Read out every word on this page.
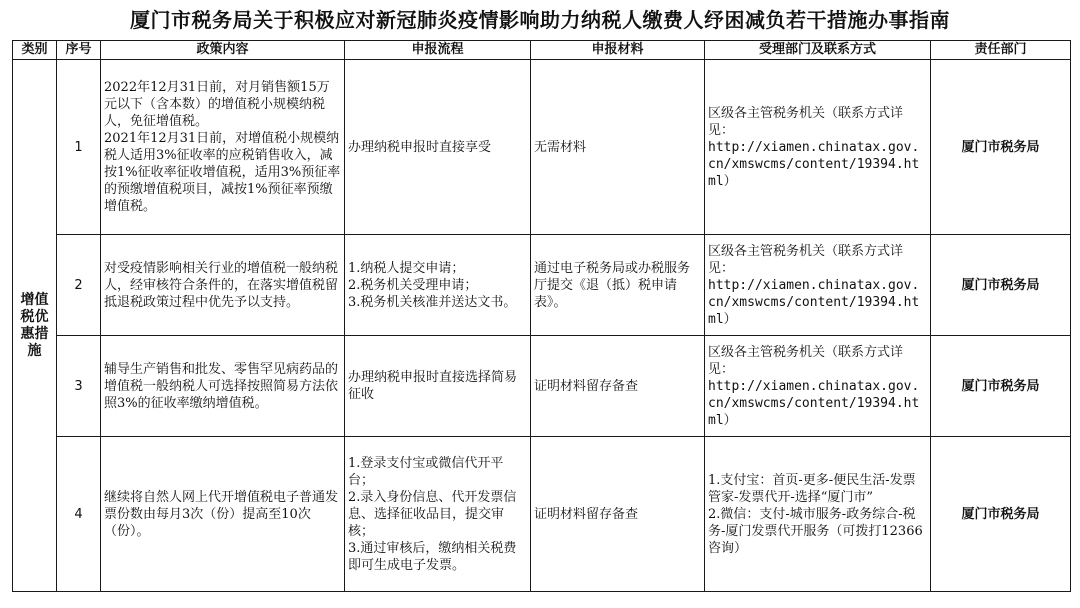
厦门市税务局关于积极应对新冠肺炎疫情影响助力纳税人缴费人纾困减负若干措施办事指南
类别	序号	政策内容	申报流程	申报材料	受理部门及联系方式	责任部门
增值税优惠措施	1	2022年12月31日前，对月销售额15万元以下（含本数）的增值税小规模纳税人，免征增值税。
2021年12月31日前，对增值税小规模纳税人适用3%征收率的应税销售收入，减按1%征收率征收增值税，适用3%预征率的预缴增值税项目，减按1%预征率预缴增值税。	办理纳税申报时直接享受	无需材料	区级各主管税务机关（联系方式详见：
http://xiamen.chinatax.gov.cn/xmswcms/content/19394.html）	厦门市税务局
	2	对受疫情影响相关行业的增值税一般纳税人，经审核符合条件的，在落实增值税留抵退税政策过程中优先予以支持。	1.纳税人提交申请；
2.税务机关受理申请；
3.税务机关核准并送达文书。	通过电子税务局或办税服务厅提交《退（抵）税申请表》。	区级各主管税务机关（联系方式详见：
http://xiamen.chinatax.gov.cn/xmswcms/content/19394.html）	厦门市税务局
	3	辅导生产销售和批发、零售罕见病药品的增值税一般纳税人可选择按照简易方法依照3%的征收率缴纳增值税。	办理纳税申报时直接选择简易征收	证明材料留存备查	区级各主管税务机关（联系方式详见：
http://xiamen.chinatax.gov.cn/xmswcms/content/19394.html）	厦门市税务局
	4	继续将自然人网上代开增值税电子普通发票份数由每月3次（份）提高至10次（份）。	1.登录支付宝或微信代开平台；
2.录入身份信息、代开发票信息、选择征收品目，提交审核；
3.通过审核后，缴纳相关税费即可生成电子发票。	证明材料留存备查	1.支付宝：首页-更多-便民生活-发票管家-发票代开-选择“厦门市”
2.微信：支付-城市服务-政务综合-税务-厦门发票代开服务（可拨打12366咨询）	厦门市税务局
